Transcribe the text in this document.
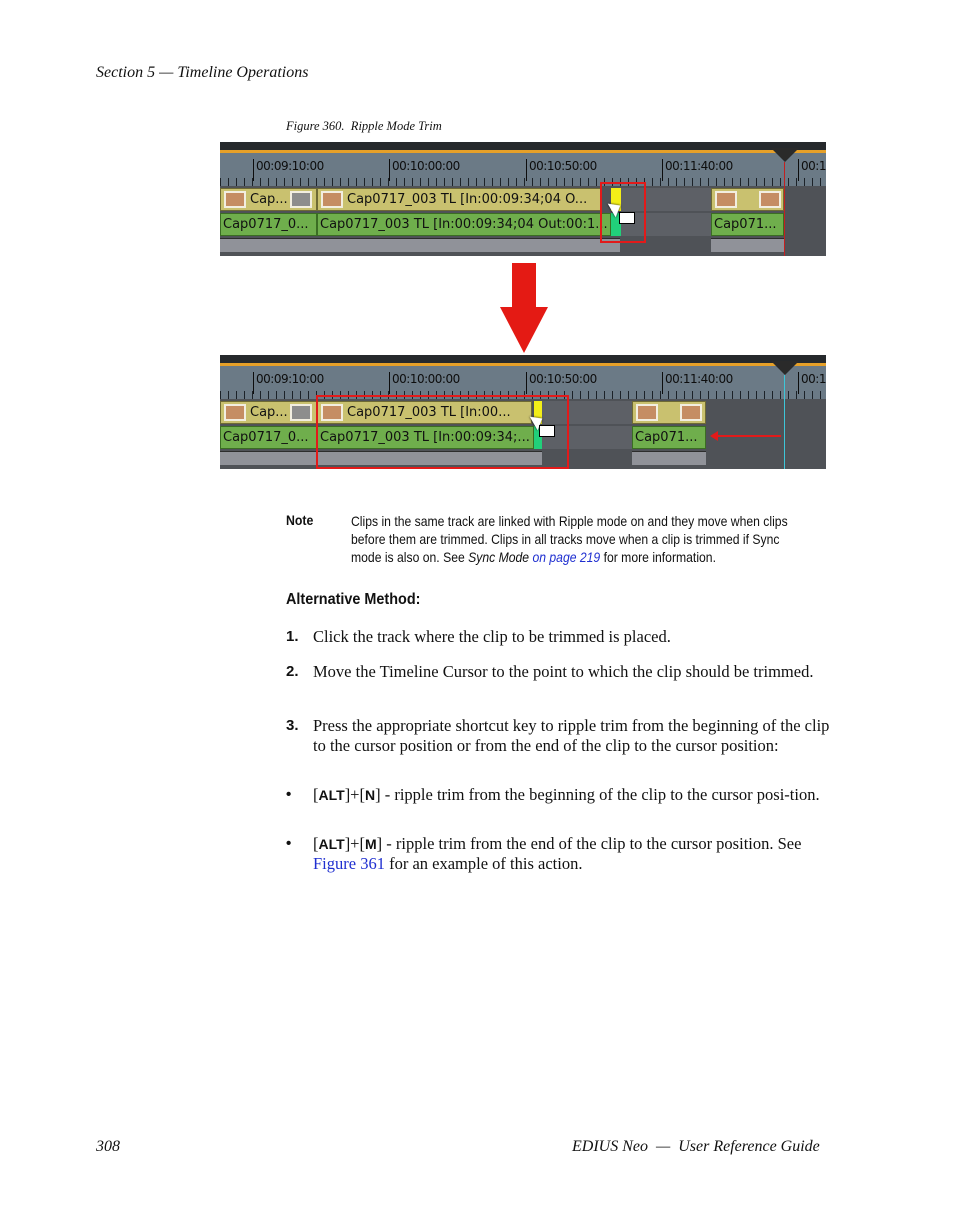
Section 5 — Timeline Operations
Figure 360.  Ripple Mode Trim
00:09:10:00	00:10:00:00	00:10:50:00	00:11:40:00	00:1
Cap...	Cap0717_003 TL [In:00:09:34;04 O...
Cap0717_0... Cap0717_003 TL [In:00:09:34;04 Out:00:1...	Cap071...
00:09:10:00	00:10:00:00	00:10:50:00	00:11:40:00	00:1
Cap...	Cap0717_003 TL [In:00...
Cap0717_0... Cap0717_003 TL [In:00:09:34;...	Cap071...
Note	Clips in the same track are linked with Ripple mode on and they move when clips before them are trimmed. Clips in all tracks move when a clip is trimmed if Sync mode is also on. See Sync Mode on page 219 for more information.
Alternative Method:
1. Click the track where the clip to be trimmed is placed.
2. Move the Timeline Cursor to the point to which the clip should be trimmed.
3. Press the appropriate shortcut key to ripple trim from the beginning of the clip to the cursor position or from the end of the clip to the cursor position:
• [ALT]+[N] - ripple trim from the beginning of the clip to the cursor posi-tion.
• [ALT]+[M] - ripple trim from the end of the clip to the cursor position. See Figure 361 for an example of this action.
308	EDIUS Neo  —  User Reference Guide
